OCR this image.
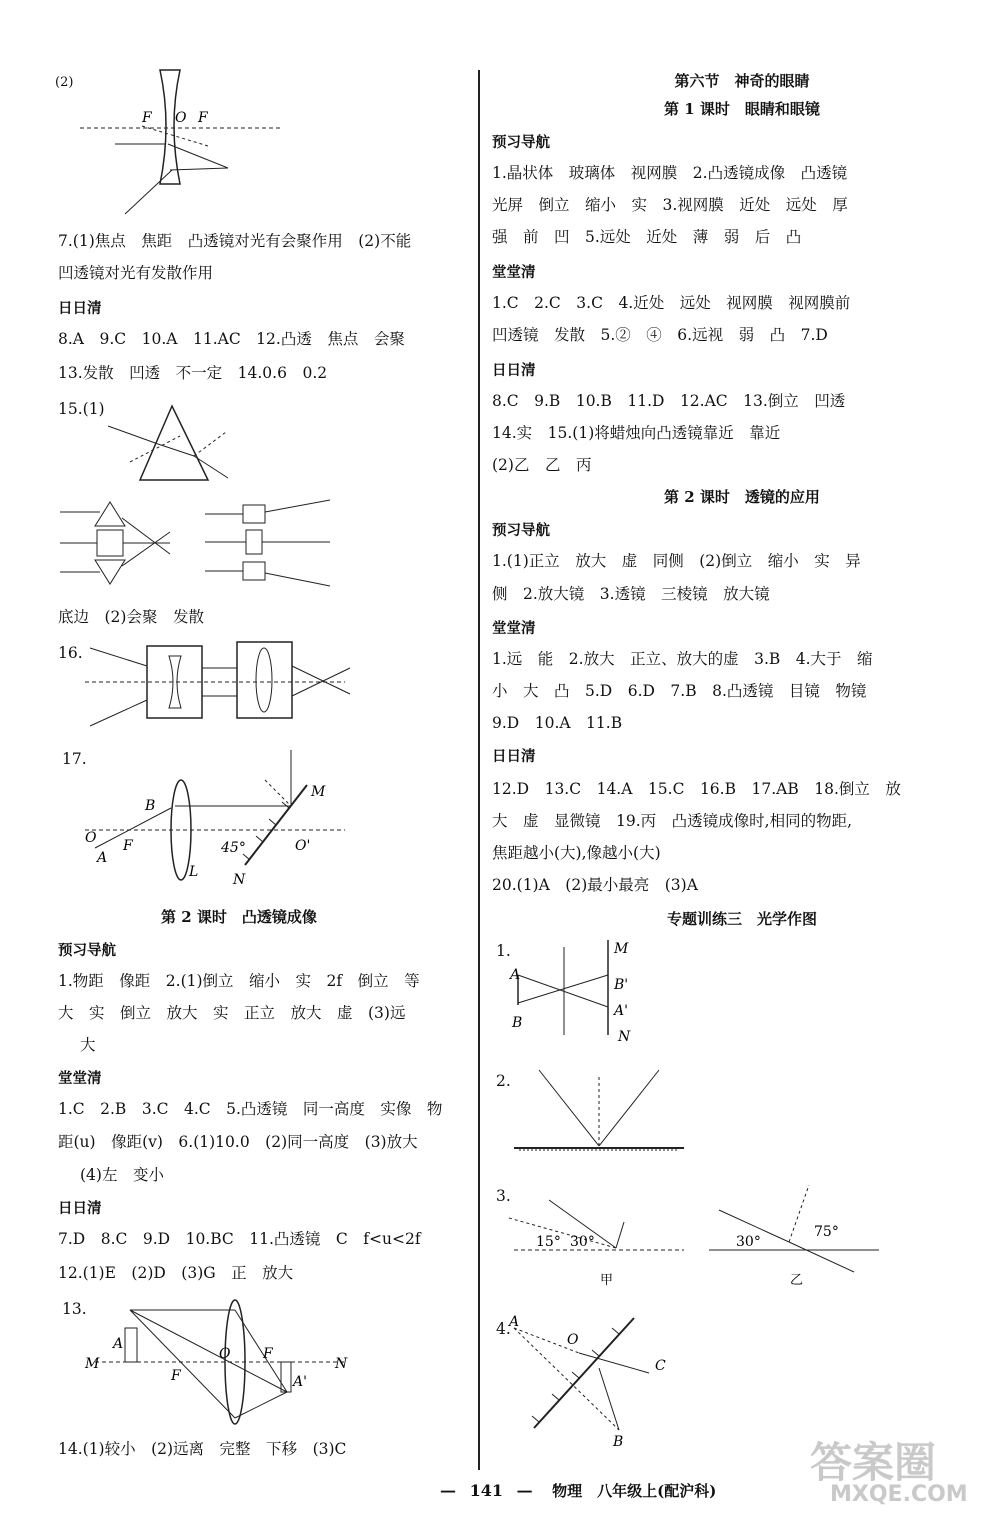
(2)
F O F
7.(1)焦点　焦距　凸透镜对光有会聚作用　(2)不能
凹透镜对光有发散作用
日日清
8.A　9.C　10.A　11.AC　12.凸透　焦点　会聚
13.发散　凹透　不一定　14.0.6　0.2
15.(1)
底边　(2)会聚　发散
16.
17.
O
A
F
B
45°	O'
M
L N
第 2 课时　凸透镜成像
预习导航
1.物距　像距　2.(1)倒立　缩小　实　2f　倒立　等
大　实　倒立　放大　实　正立　放大　虚　(3)远
大
堂堂清
1.C　2.B　3.C　4.C　5.凸透镜　同一高度　实像　物
距(u)　像距(v)　6.(1)10.0　(2)同一高度　(3)放大
(4)左　变小
日日清
7.D　8.C　9.D　10.BC　11.凸透镜　C　f<u<2f
12.(1)E　(2)D　(3)G　正　放大
13.
M
A
F
O F
A'
N
14.(1)较小　(2)远离　完整　下移　(3)C
第六节　神奇的眼睛
第 1 课时　眼睛和眼镜
预习导航
1.晶状体　玻璃体　视网膜　2.凸透镜成像　凸透镜
光屏　倒立　缩小　实　3.视网膜　近处　远处　厚
强　前　凹　5.远处　近处　薄　弱　后　凸
堂堂清
1.C　2.C　3.C　4.近处　远处　视网膜　视网膜前
凹透镜　发散　5.②　④　6.远视　弱　凸　7.D
日日清
8.C　9.B　10.B　11.D　12.AC　13.倒立　凹透
14.实　15.(1)将蜡烛向凸透镜靠近　靠近
(2)乙　乙　丙
第 2 课时　透镜的应用
预习导航
1.(1)正立　放大　虚　同侧　(2)倒立　缩小　实　异
侧　2.放大镜　3.透镜　三棱镜　放大镜
堂堂清
1.远　能　2.放大　正立、放大的虚　3.B　4.大于　缩
小　大　凸　5.D　6.D　7.B　8.凸透镜　目镜　物镜
9.D　10.A　11.B
日日清
12.D　13.C　14.A　15.C　16.B　17.AB　18.倒立　放
大　虚　显微镜　19.丙　凸透镜成像时,相同的物距,
焦距越小(大),像越小(大)
20.(1)A　(2)最小最亮　(3)A
专题训练三　光学作图
1.
A
B
M
B'
A'
N
2.
3.
15° 30°
甲
30°
75°
乙
4.
A
O
C
B
— 141 — 物理　八年级上(配沪科)
答案圈
MXQE.COM
